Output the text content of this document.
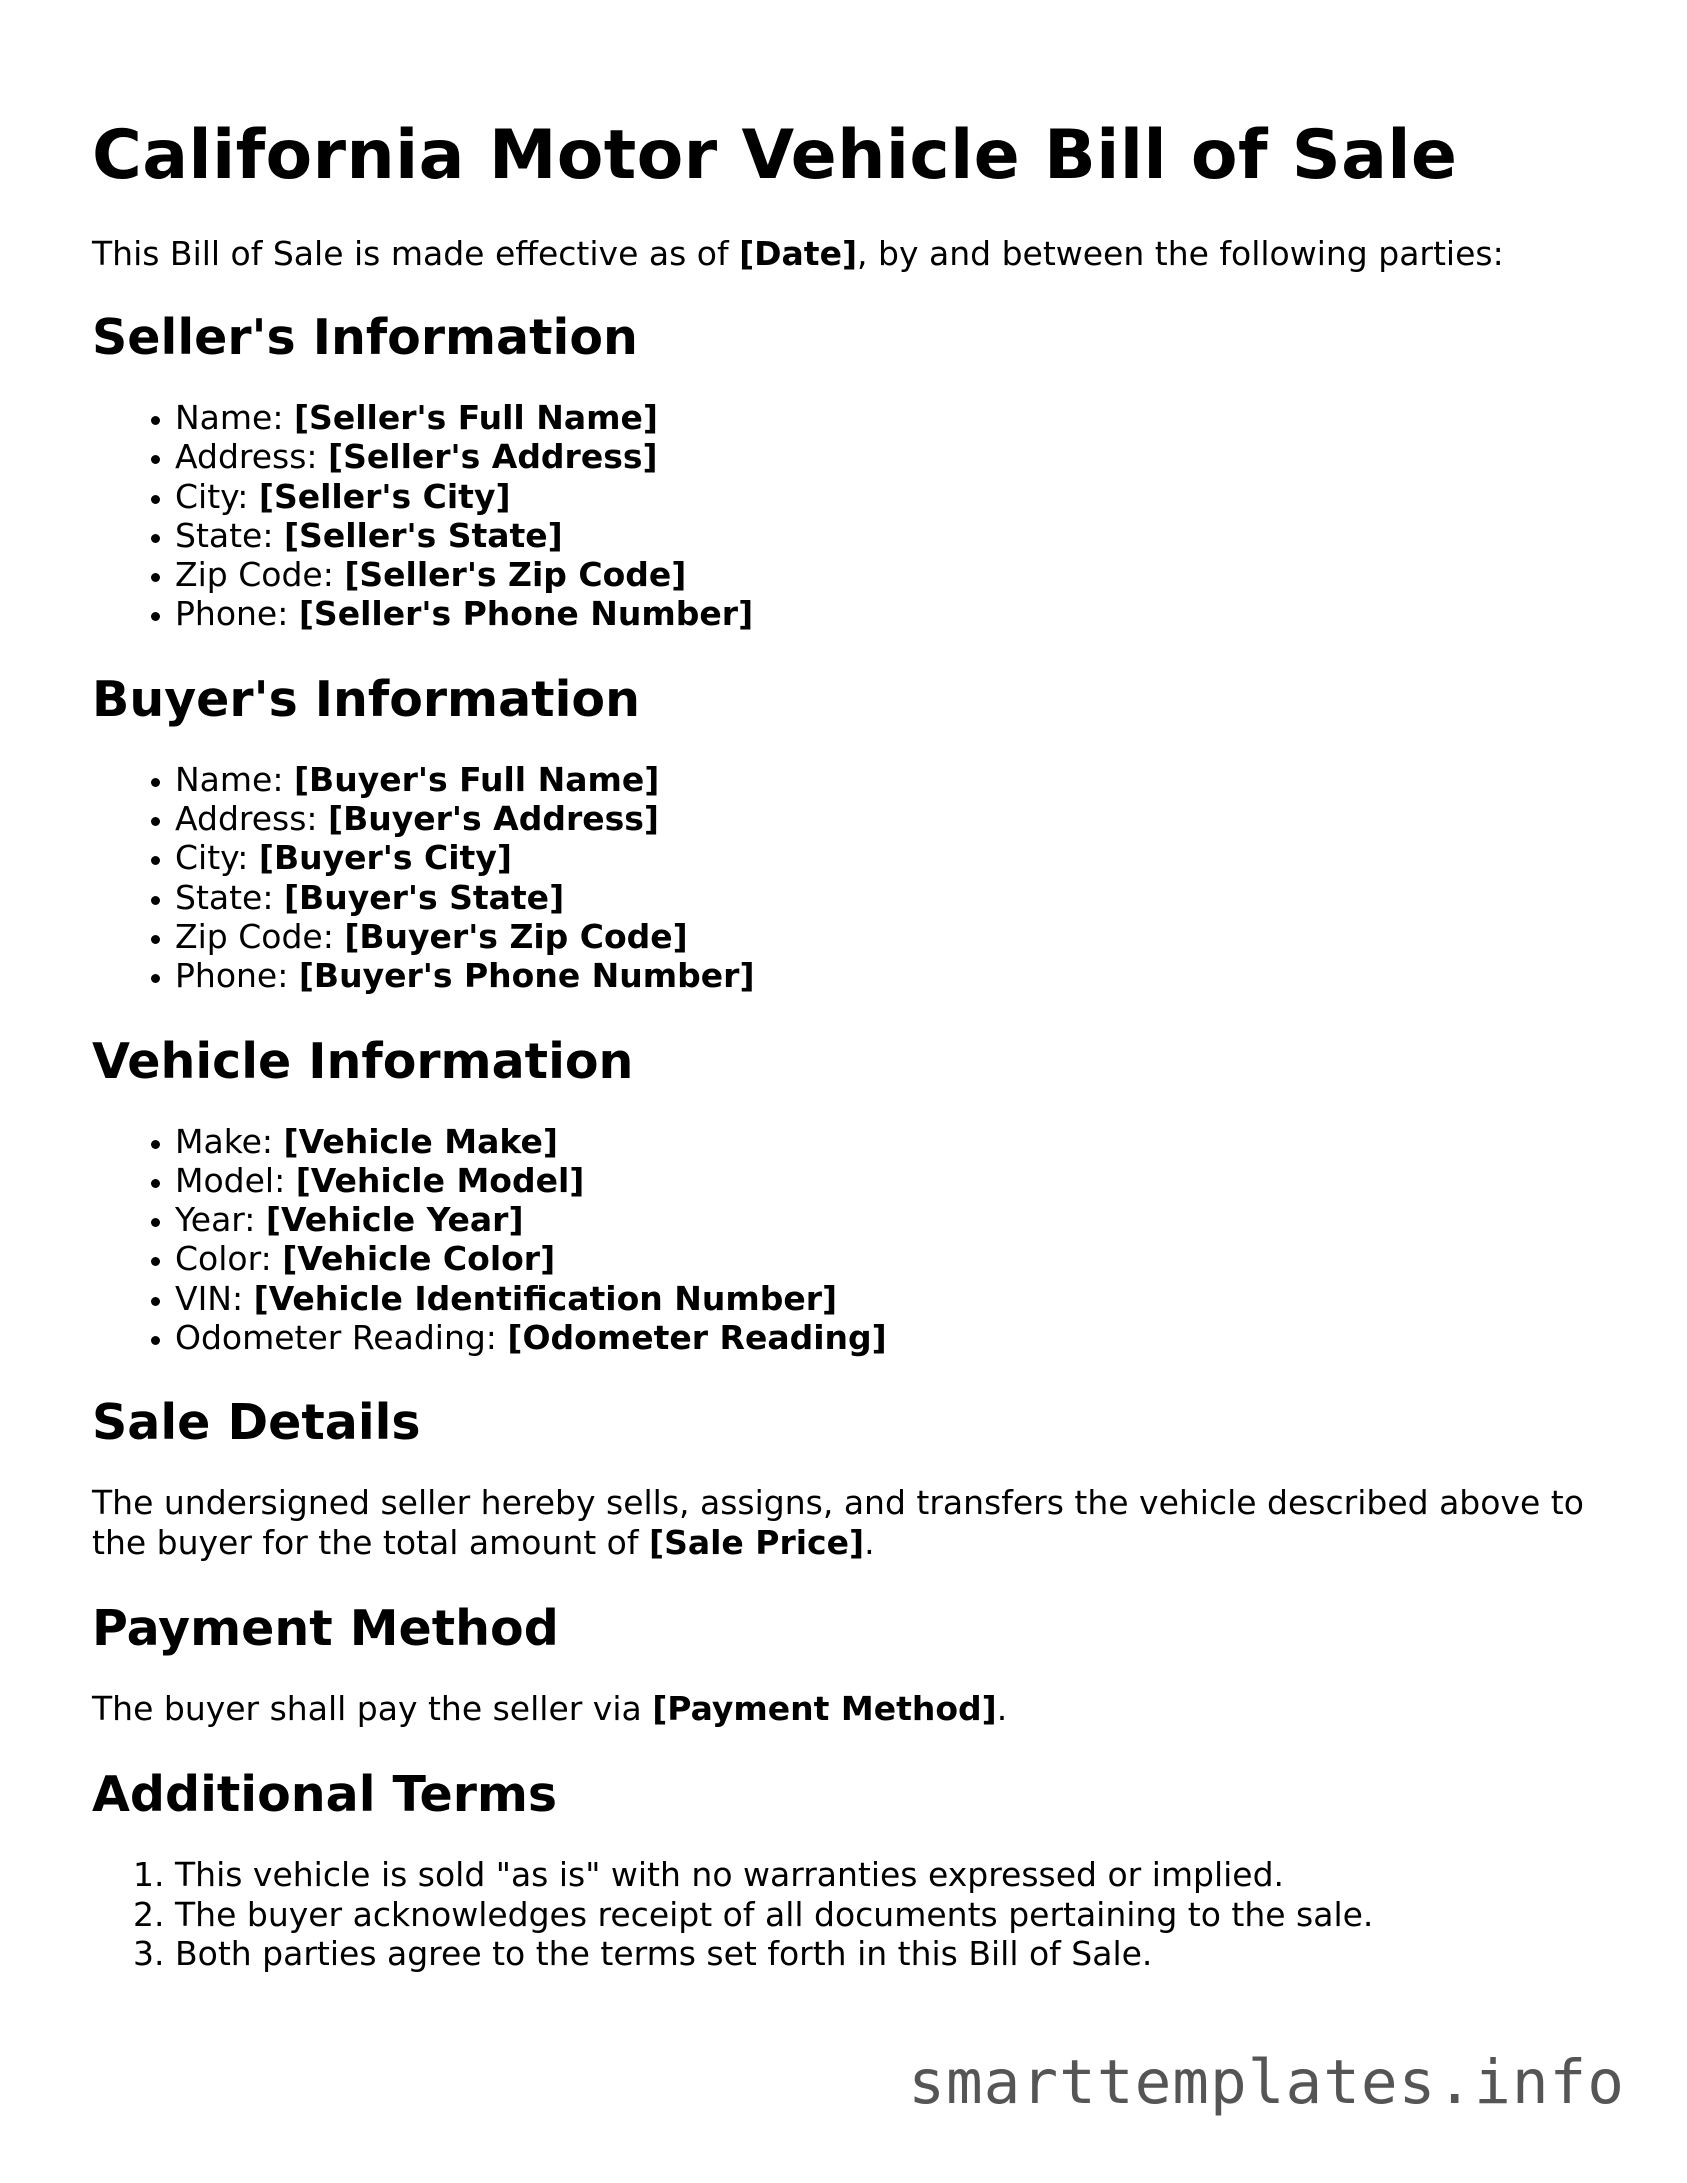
California Motor Vehicle Bill of Sale

This Bill of Sale is made effective as of [Date], by and between the following parties:

Seller's Information
• Name: [Seller's Full Name]
• Address: [Seller's Address]
• City: [Seller's City]
• State: [Seller's State]
• Zip Code: [Seller's Zip Code]
• Phone: [Seller's Phone Number]
Buyer's Information
• Name: [Buyer's Full Name]
• Address: [Buyer's Address]
• City: [Buyer's City]
• State: [Buyer's State]
• Zip Code: [Buyer's Zip Code]
• Phone: [Buyer's Phone Number]
Vehicle Information
• Make: [Vehicle Make]
• Model: [Vehicle Model]
• Year: [Vehicle Year]
• Color: [Vehicle Color]
• VIN: [Vehicle Identification Number]
• Odometer Reading: [Odometer Reading]
Sale Details

The undersigned seller hereby sells, assigns, and transfers the vehicle described above to the buyer for the total amount of [Sale Price].

Payment Method

The buyer shall pay the seller via [Payment Method].

Additional Terms
1. This vehicle is sold "as is" with no warranties expressed or implied.
2. The buyer acknowledges receipt of all documents pertaining to the sale.
3. Both parties agree to the terms set forth in this Bill of Sale.
smarttemplates.info
